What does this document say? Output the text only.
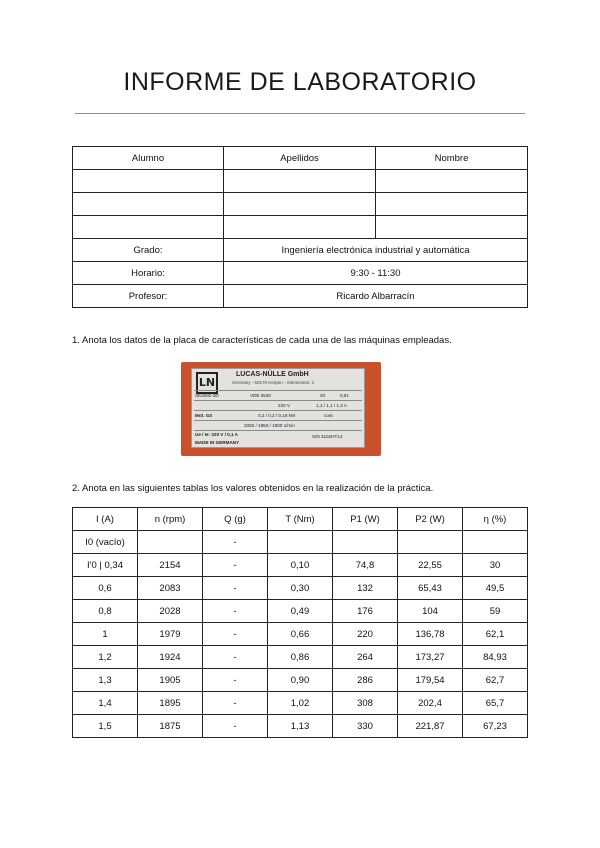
INFORME DE LABORATORIO
Alumno	Apellidos	Nombre

Grado:	Ingeniería electrónica industrial y automática	
Horario:	9:30 - 11:30	
Profesor:	Ricardo Albarracín	
1. Anota los datos de la placa de características de cada una de las máquinas empleadas.
LN
LUCAS-NÜLLE GmbH
Germany - 50170 Kerpen - Siemensstr. 2
SE2682-3D	VDE 0530	20	0,81
220 V	1,1 / 1,1 / 1,3 A
Mot. GS	0,2 / 0,2 / 0,18 kW	cont
2050 / 1950 / 1900 1/min
Ue / Ie: 220 V / 0,1 A	S/N 3102HT13
MADE IN GERMANY
2. Anota en las siguientes tablas los valores obtenidos en la realización de la práctica.
I (A)	n (rpm)	Q (g)	T (Nm)	P1 (W)	P2 (W)	η (%)
I0 (vacío)		-				
I'0 | 0,34	2154	-	0,10	74,8	22,55	30
0,6	2083	-	0,30	132	65,43	49,5
0,8	2028	-	0,49	176	104	59
1	1979	-	0,66	220	136,78	62,1
1,2	1924	-	0,86	264	173,27	84,93
1,3	1905	-	0,90	286	179,54	62,7
1,4	1895	-	1,02	308	202,4	65,7
1,5	1875	-	1,13	330	221,87	67,23
